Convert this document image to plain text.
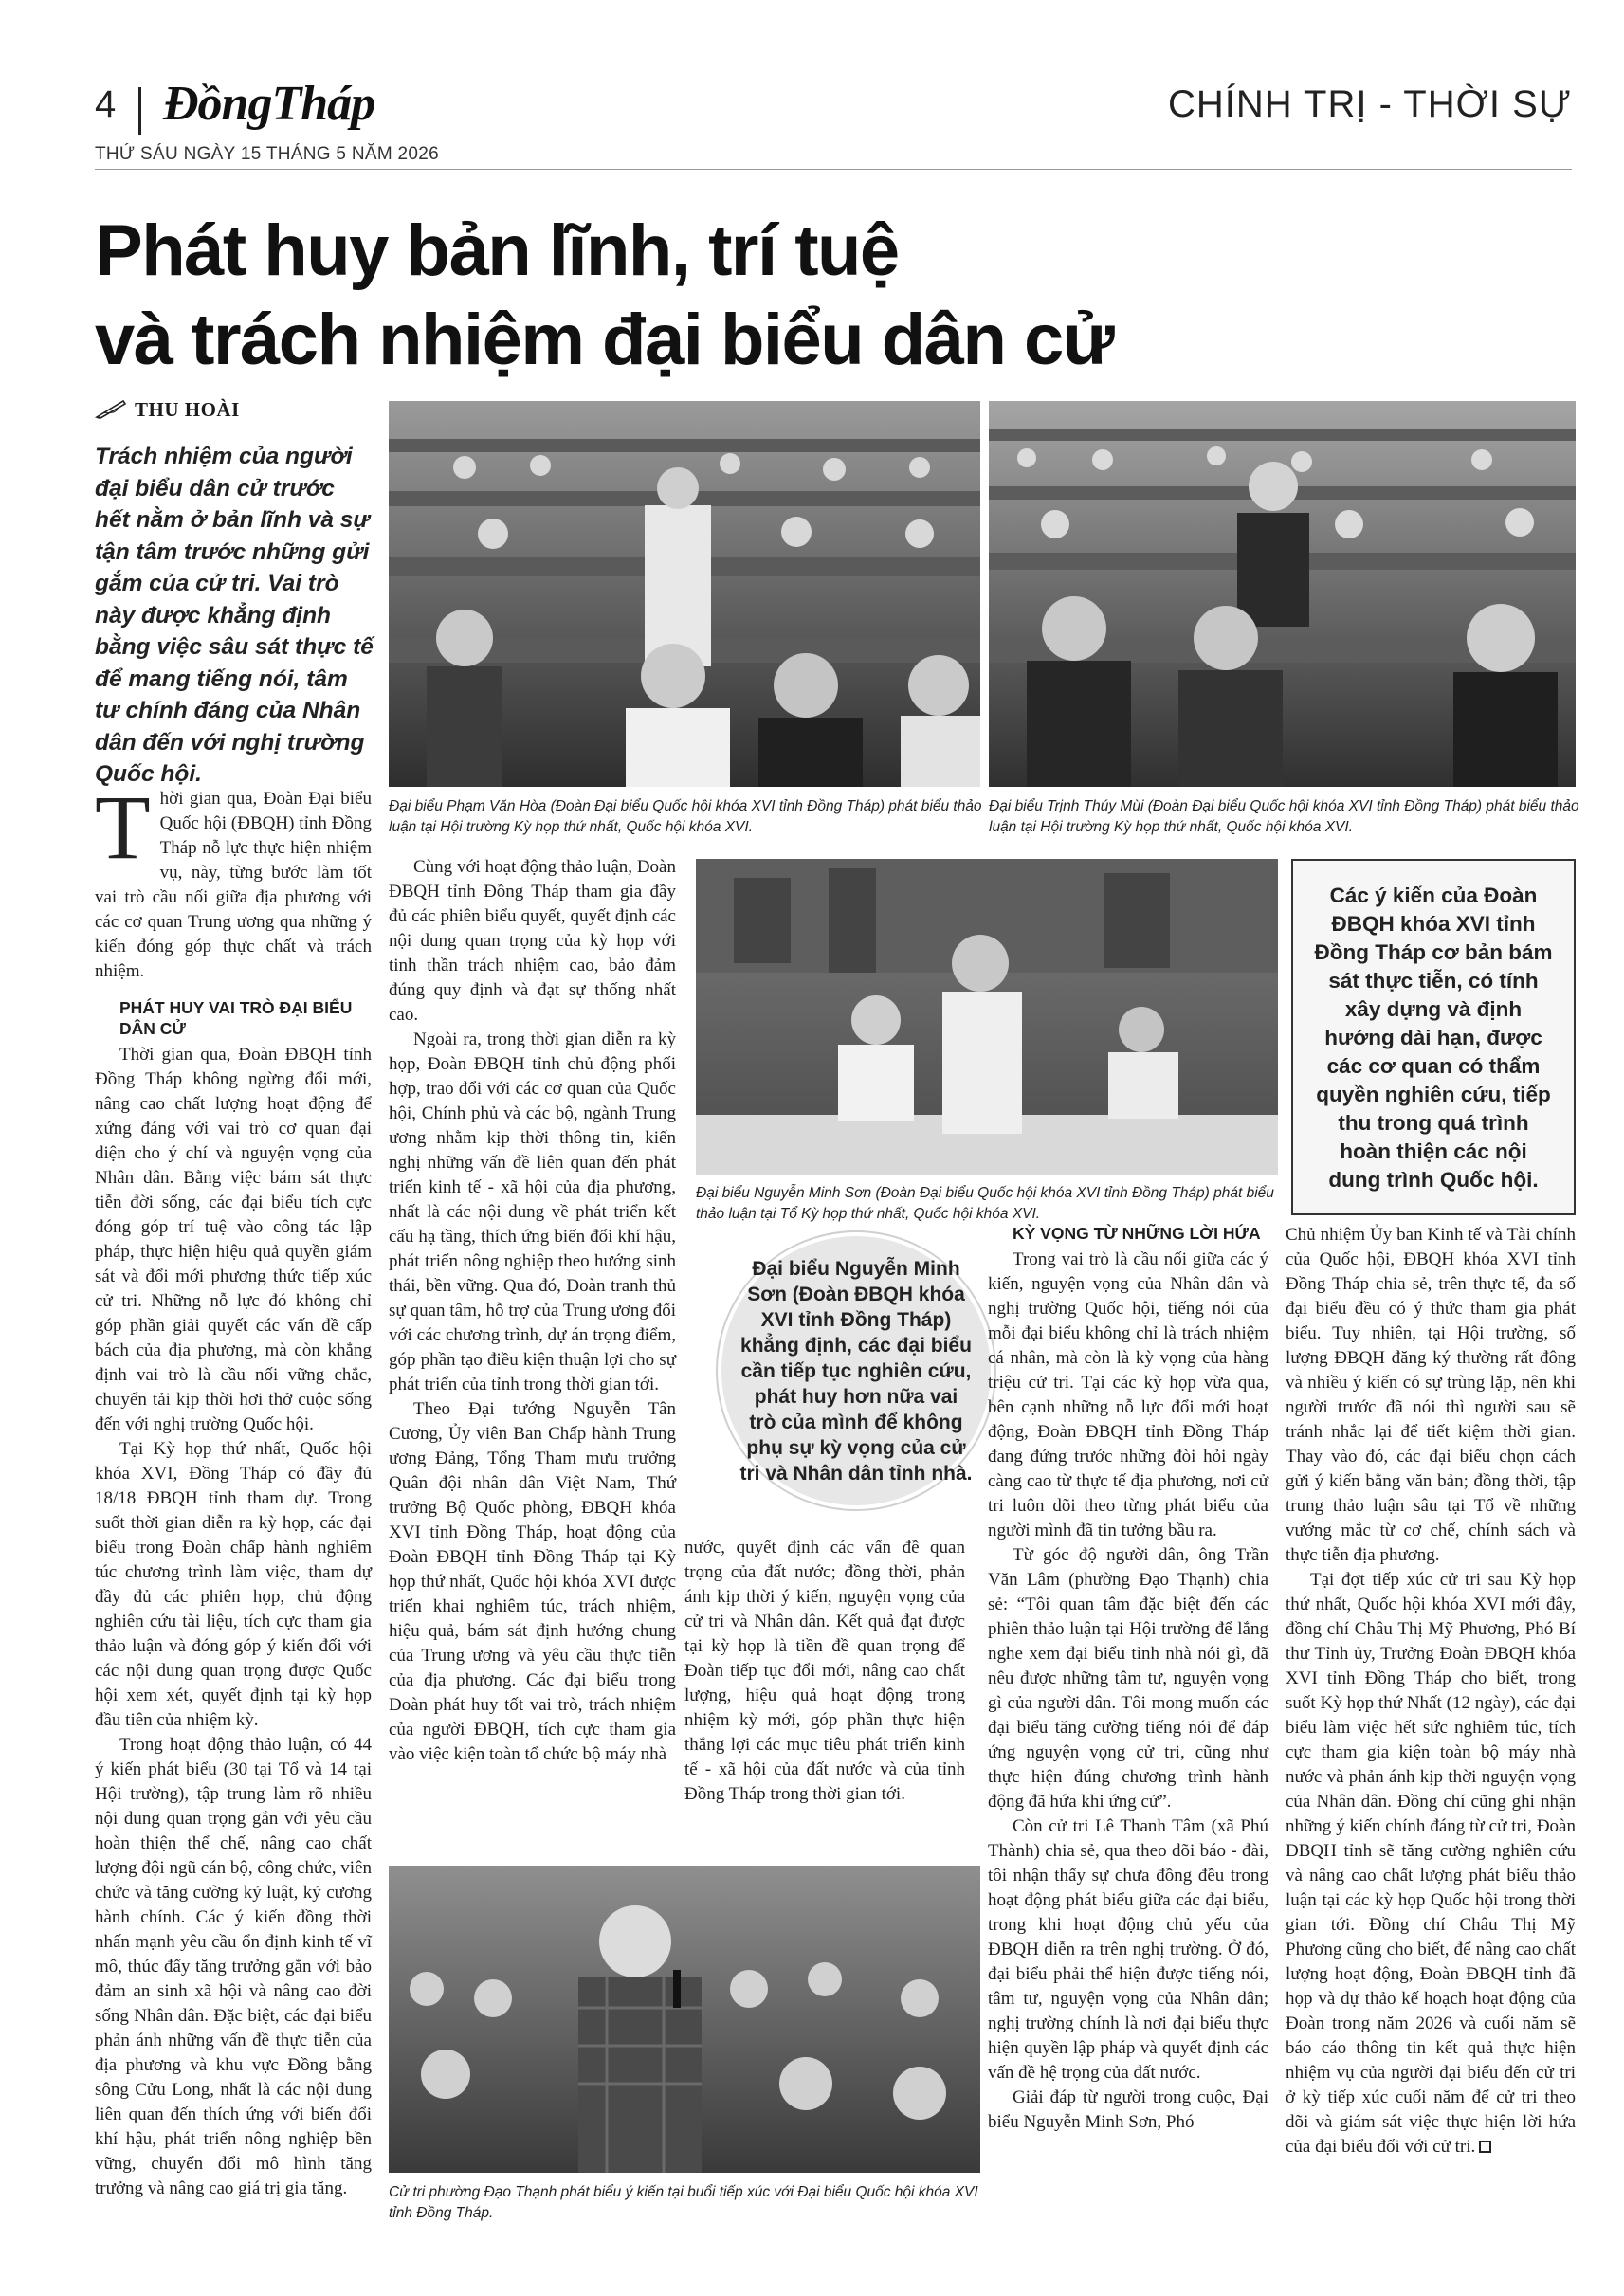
4 ĐồngTháp	CHÍNH TRỊ - THỜI SỰ
THỨ SÁU NGÀY 15 THÁNG 5 NĂM 2026
Phát huy bản lĩnh, trí tuệ
và trách nhiệm đại biểu dân cử
THU HOÀI
Trách nhiệm của người đại biểu dân cử trước hết nằm ở bản lĩnh và sự tận tâm trước những gửi gắm của cử tri. Vai trò này được khẳng định bằng việc sâu sát thực tế để mang tiếng nói, tâm tư chính đáng của Nhân dân đến với nghị trường Quốc hội.
Đại biểu Phạm Văn Hòa (Đoàn Đại biểu Quốc hội khóa XVI tỉnh Đồng Tháp) phát biểu thảo luận tại Hội trường Kỳ họp thứ nhất, Quốc hội khóa XVI.
Đại biểu Trịnh Thúy Mùi (Đoàn Đại biểu Quốc hội khóa XVI tỉnh Đồng Tháp) phát biểu thảo luận tại Hội trường Kỳ họp thứ nhất, Quốc hội khóa XVI.
Đại biểu Nguyễn Minh Sơn (Đoàn Đại biểu Quốc hội khóa XVI tỉnh Đồng Tháp) phát biểu thảo luận tại Tổ Kỳ họp thứ nhất, Quốc hội khóa XVI.
Cử tri phường Đạo Thạnh phát biểu ý kiến tại buổi tiếp xúc với Đại biểu Quốc hội khóa XVI tỉnh Đồng Tháp.
Các ý kiến của Đoàn ĐBQH khóa XVI tỉnh Đồng Tháp cơ bản bám sát thực tiễn, có tính xây dựng và định hướng dài hạn, được các cơ quan có thẩm quyền nghiên cứu, tiếp thu trong quá trình hoàn thiện các nội dung trình Quốc hội.
Đại biểu Nguyễn Minh Sơn (Đoàn ĐBQH khóa XVI tỉnh Đồng Tháp) khẳng định, các đại biểu cần tiếp tục nghiên cứu, phát huy hơn nữa vai trò của mình để không phụ sự kỳ vọng của cử tri và Nhân dân tỉnh nhà.

Thời gian qua, Đoàn Đại biểu Quốc hội (ĐBQH) tỉnh Đồng Tháp nỗ lực thực hiện nhiệm vụ, này, từng bước làm tốt vai trò cầu nối giữa địa phương với các cơ quan Trung ương qua những ý kiến đóng góp thực chất và trách nhiệm.

PHÁT HUY VAI TRÒ ĐẠI BIỂU DÂN CỬ

Thời gian qua, Đoàn ĐBQH tỉnh Đồng Tháp không ngừng đổi mới, nâng cao chất lượng hoạt động để xứng đáng với vai trò cơ quan đại diện cho ý chí và nguyện vọng của Nhân dân. Bằng việc bám sát thực tiễn đời sống, các đại biểu tích cực đóng góp trí tuệ vào công tác lập pháp, thực hiện hiệu quả quyền giám sát và đổi mới phương thức tiếp xúc cử tri. Những nỗ lực đó không chỉ góp phần giải quyết các vấn đề cấp bách của địa phương, mà còn khẳng định vai trò là cầu nối vững chắc, chuyển tải kịp thời hơi thở cuộc sống đến với nghị trường Quốc hội.

Tại Kỳ họp thứ nhất, Quốc hội khóa XVI, Đồng Tháp có đầy đủ 18/18 ĐBQH tỉnh tham dự. Trong suốt thời gian diễn ra kỳ họp, các đại biểu trong Đoàn chấp hành nghiêm túc chương trình làm việc, tham dự đầy đủ các phiên họp, chủ động nghiên cứu tài liệu, tích cực tham gia thảo luận và đóng góp ý kiến đối với các nội dung quan trọng được Quốc hội xem xét, quyết định tại kỳ họp đầu tiên của nhiệm kỳ.

Trong hoạt động thảo luận, có 44 ý kiến phát biểu (30 tại Tổ và 14 tại Hội trường), tập trung làm rõ nhiều nội dung quan trọng gắn với yêu cầu hoàn thiện thể chế, nâng cao chất lượng đội ngũ cán bộ, công chức, viên chức và tăng cường kỷ luật, kỷ cương hành chính. Các ý kiến đồng thời nhấn mạnh yêu cầu ổn định kinh tế vĩ mô, thúc đẩy tăng trưởng gắn với bảo đảm an sinh xã hội và nâng cao đời sống Nhân dân. Đặc biệt, các đại biểu phản ánh những vấn đề thực tiễn của địa phương và khu vực Đồng bằng sông Cửu Long, nhất là các nội dung liên quan đến thích ứng với biến đổi khí hậu, phát triển nông nghiệp bền vững, chuyển đổi mô hình tăng trưởng và nâng cao giá trị gia tăng.

Cùng với hoạt động thảo luận, Đoàn ĐBQH tỉnh Đồng Tháp tham gia đầy đủ các phiên biểu quyết, quyết định các nội dung quan trọng của kỳ họp với tinh thần trách nhiệm cao, bảo đảm đúng quy định và đạt sự thống nhất cao.

Ngoài ra, trong thời gian diễn ra kỳ họp, Đoàn ĐBQH tỉnh chủ động phối hợp, trao đổi với các cơ quan của Quốc hội, Chính phủ và các bộ, ngành Trung ương nhằm kịp thời thông tin, kiến nghị những vấn đề liên quan đến phát triển kinh tế - xã hội của địa phương, nhất là các nội dung về phát triển kết cấu hạ tầng, thích ứng biến đổi khí hậu, phát triển nông nghiệp theo hướng sinh thái, bền vững. Qua đó, Đoàn tranh thủ sự quan tâm, hỗ trợ của Trung ương đối với các chương trình, dự án trọng điểm, góp phần tạo điều kiện thuận lợi cho sự phát triển của tỉnh trong thời gian tới.

Theo Đại tướng Nguyễn Tân Cương, Ủy viên Ban Chấp hành Trung ương Đảng, Tổng Tham mưu trưởng Quân đội nhân dân Việt Nam, Thứ trưởng Bộ Quốc phòng, ĐBQH khóa XVI tỉnh Đồng Tháp, hoạt động của Đoàn ĐBQH tỉnh Đồng Tháp tại Kỳ họp thứ nhất, Quốc hội khóa XVI được triển khai nghiêm túc, trách nhiệm, hiệu quả, bám sát định hướng chung của Trung ương và yêu cầu thực tiễn của địa phương. Các đại biểu trong Đoàn phát huy tốt vai trò, trách nhiệm của người ĐBQH, tích cực tham gia vào việc kiện toàn tổ chức bộ máy nhà

nước, quyết định các vấn đề quan trọng của đất nước; đồng thời, phản ánh kịp thời ý kiến, nguyện vọng của cử tri và Nhân dân. Kết quả đạt được tại kỳ họp là tiền đề quan trọng để Đoàn tiếp tục đổi mới, nâng cao chất lượng, hiệu quả hoạt động trong nhiệm kỳ mới, góp phần thực hiện thắng lợi các mục tiêu phát triển kinh tế - xã hội của đất nước và của tỉnh Đồng Tháp trong thời gian tới.

KỲ VỌNG TỪ NHỮNG LỜI HỨA

Trong vai trò là cầu nối giữa các ý kiến, nguyện vọng của Nhân dân và nghị trường Quốc hội, tiếng nói của mỗi đại biểu không chỉ là trách nhiệm cá nhân, mà còn là kỳ vọng của hàng triệu cử tri. Tại các kỳ họp vừa qua, bên cạnh những nỗ lực đổi mới hoạt động, Đoàn ĐBQH tỉnh Đồng Tháp đang đứng trước những đòi hỏi ngày càng cao từ thực tế địa phương, nơi cử tri luôn dõi theo từng phát biểu của người mình đã tin tưởng bầu ra.

Từ góc độ người dân, ông Trần Văn Lâm (phường Đạo Thạnh) chia sẻ: “Tôi quan tâm đặc biệt đến các phiên thảo luận tại Hội trường để lắng nghe xem đại biểu tỉnh nhà nói gì, đã nêu được những tâm tư, nguyện vọng gì của người dân. Tôi mong muốn các đại biểu tăng cường tiếng nói để đáp ứng nguyện vọng cử tri, cũng như thực hiện đúng chương trình hành động đã hứa khi ứng cử”.

Còn cử tri Lê Thanh Tâm (xã Phú Thành) chia sẻ, qua theo dõi báo - đài, tôi nhận thấy sự chưa đồng đều trong hoạt động phát biểu giữa các đại biểu, trong khi hoạt động chủ yếu của ĐBQH diễn ra trên nghị trường. Ở đó, đại biểu phải thể hiện được tiếng nói, tâm tư, nguyện vọng của Nhân dân; nghị trường chính là nơi đại biểu thực hiện quyền lập pháp và quyết định các vấn đề hệ trọng của đất nước.

Giải đáp từ người trong cuộc, Đại biểu Nguyễn Minh Sơn, Phó

Chủ nhiệm Ủy ban Kinh tế và Tài chính của Quốc hội, ĐBQH khóa XVI tỉnh Đồng Tháp chia sẻ, trên thực tế, đa số đại biểu đều có ý thức tham gia phát biểu. Tuy nhiên, tại Hội trường, số lượng ĐBQH đăng ký thường rất đông và nhiều ý kiến có sự trùng lặp, nên khi người trước đã nói thì người sau sẽ tránh nhắc lại để tiết kiệm thời gian. Thay vào đó, các đại biểu chọn cách gửi ý kiến bằng văn bản; đồng thời, tập trung thảo luận sâu tại Tổ về những vướng mắc từ cơ chế, chính sách và thực tiễn địa phương.

Tại đợt tiếp xúc cử tri sau Kỳ họp thứ nhất, Quốc hội khóa XVI mới đây, đồng chí Châu Thị Mỹ Phương, Phó Bí thư Tỉnh ủy, Trưởng Đoàn ĐBQH khóa XVI tỉnh Đồng Tháp cho biết, trong suốt Kỳ họp thứ Nhất (12 ngày), các đại biểu làm việc hết sức nghiêm túc, tích cực tham gia kiện toàn bộ máy nhà nước và phản ánh kịp thời nguyện vọng của Nhân dân. Đồng chí cũng ghi nhận những ý kiến chính đáng từ cử tri, Đoàn ĐBQH tỉnh sẽ tăng cường nghiên cứu và nâng cao chất lượng phát biểu thảo luận tại các kỳ họp Quốc hội trong thời gian tới. Đồng chí Châu Thị Mỹ Phương cũng cho biết, để nâng cao chất lượng hoạt động, Đoàn ĐBQH tỉnh đã họp và dự thảo kế hoạch hoạt động của Đoàn trong năm 2026 và cuối năm sẽ báo cáo thông tin kết quả thực hiện nhiệm vụ của người đại biểu đến cử tri ở kỳ tiếp xúc cuối năm để cử tri theo dõi và giám sát việc thực hiện lời hứa của đại biểu đối với cử tri.
